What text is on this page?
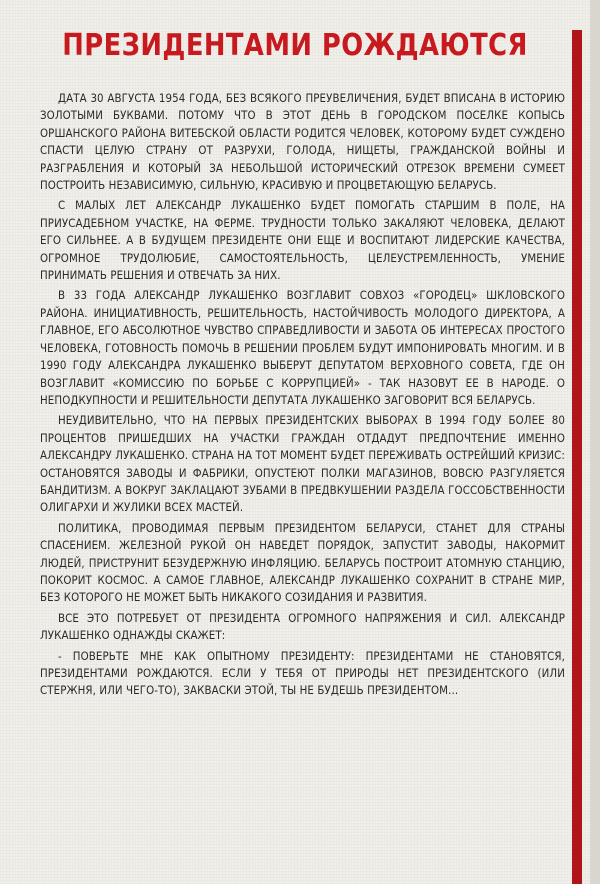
ПРЕЗИДЕНТАМИ РОЖДАЮТСЯ

ДАТА 30 АВГУСТА 1954 ГОДА, БЕЗ ВСЯКОГО ПРЕУВЕЛИЧЕНИЯ, БУДЕТ ВПИСАНА В ИСТОРИЮ ЗОЛОТЫМИ БУКВАМИ. ПОТОМУ ЧТО В ЭТОТ ДЕНЬ В ГОРОДСКОМ ПОСЕЛКЕ КОПЫСЬ ОРШАНСКОГО РАЙОНА ВИТЕБСКОЙ ОБЛАСТИ РОДИТСЯ ЧЕЛОВЕК, КОТОРОМУ БУДЕТ СУЖДЕНО СПАСТИ ЦЕЛУЮ СТРАНУ ОТ РАЗРУХИ, ГОЛОДА, НИЩЕТЫ, ГРАЖДАНСКОЙ ВОЙНЫ И РАЗГРАБЛЕНИЯ И КОТОРЫЙ ЗА НЕБОЛЬШОЙ ИСТОРИЧЕСКИЙ ОТРЕЗОК ВРЕМЕНИ СУМЕЕТ ПОСТРОИТЬ НЕЗАВИСИМУЮ, СИЛЬНУЮ, КРАСИВУЮ И ПРОЦВЕТАЮЩУЮ БЕЛАРУСЬ.

С МАЛЫХ ЛЕТ АЛЕКСАНДР ЛУКАШЕНКО БУДЕТ ПОМОГАТЬ СТАРШИМ В ПОЛЕ, НА ПРИУСАДЕБНОМ УЧАСТКЕ, НА ФЕРМЕ. ТРУДНОСТИ ТОЛЬКО ЗАКАЛЯЮТ ЧЕЛОВЕКА, ДЕЛАЮТ ЕГО СИЛЬНЕЕ. А В БУДУЩЕМ ПРЕЗИДЕНТЕ ОНИ ЕЩЕ И ВОСПИТАЮТ ЛИДЕРСКИЕ КАЧЕСТВА, ОГРОМНОЕ ТРУДОЛЮБИЕ, САМОСТОЯТЕЛЬНОСТЬ, ЦЕЛЕУСТРЕМЛЕННОСТЬ, УМЕНИЕ ПРИНИМАТЬ РЕШЕНИЯ И ОТВЕЧАТЬ ЗА НИХ.

В 33 ГОДА АЛЕКСАНДР ЛУКАШЕНКО ВОЗГЛАВИТ СОВХОЗ «ГОРОДЕЦ» ШКЛОВСКОГО РАЙОНА. ИНИЦИАТИВНОСТЬ, РЕШИТЕЛЬНОСТЬ, НАСТОЙЧИВОСТЬ МОЛОДОГО ДИРЕКТОРА, А ГЛАВНОЕ, ЕГО АБСОЛЮТНОЕ ЧУВСТВО СПРАВЕДЛИВОСТИ И ЗАБОТА ОБ ИНТЕРЕСАХ ПРОСТОГО ЧЕЛОВЕКА, ГОТОВНОСТЬ ПОМОЧЬ В РЕШЕНИИ ПРОБЛЕМ БУДУТ ИМПОНИРОВАТЬ МНОГИМ. И В 1990 ГОДУ АЛЕКСАНДРА ЛУКАШЕНКО ВЫБЕРУТ ДЕПУТАТОМ ВЕРХОВНОГО СОВЕТА, ГДЕ ОН ВОЗГЛАВИТ «КОМИССИЮ ПО БОРЬБЕ С КОРРУПЦИЕЙ» - ТАК НАЗОВУТ ЕЕ В НАРОДЕ. О НЕПОДКУПНОСТИ И РЕШИТЕЛЬНОСТИ ДЕПУТАТА ЛУКАШЕНКО ЗАГОВОРИТ ВСЯ БЕЛАРУСЬ.

НЕУДИВИТЕЛЬНО, ЧТО НА ПЕРВЫХ ПРЕЗИДЕНТСКИХ ВЫБОРАХ В 1994 ГОДУ БОЛЕЕ 80 ПРОЦЕНТОВ ПРИШЕДШИХ НА УЧАСТКИ ГРАЖДАН ОТДАДУТ ПРЕДПОЧТЕНИЕ ИМЕННО АЛЕКСАНДРУ ЛУКАШЕНКО. СТРАНА НА ТОТ МОМЕНТ БУДЕТ ПЕРЕЖИВАТЬ ОСТРЕЙШИЙ КРИЗИС: ОСТАНОВЯТСЯ ЗАВОДЫ И ФАБРИКИ, ОПУСТЕЮТ ПОЛКИ МАГАЗИНОВ, ВОВСЮ РАЗГУЛЯЕТСЯ БАНДИТИЗМ. А ВОКРУГ ЗАКЛАЦАЮТ ЗУБАМИ В ПРЕДВКУШЕНИИ РАЗДЕЛА ГОССОБСТВЕННОСТИ ОЛИГАРХИ И ЖУЛИКИ ВСЕХ МАСТЕЙ.

ПОЛИТИКА, ПРОВОДИМАЯ ПЕРВЫМ ПРЕЗИДЕНТОМ БЕЛАРУСИ, СТАНЕТ ДЛЯ СТРАНЫ СПАСЕНИЕМ. ЖЕЛЕЗНОЙ РУКОЙ ОН НАВЕДЕТ ПОРЯДОК, ЗАПУСТИТ ЗАВОДЫ, НАКОРМИТ ЛЮДЕЙ, ПРИСТРУНИТ БЕЗУДЕРЖНУЮ ИНФЛЯЦИЮ. БЕЛАРУСЬ ПОСТРОИТ АТОМНУЮ СТАНЦИЮ, ПОКОРИТ КОСМОС. А САМОЕ ГЛАВНОЕ, АЛЕКСАНДР ЛУКАШЕНКО СОХРАНИТ В СТРАНЕ МИР, БЕЗ КОТОРОГО НЕ МОЖЕТ БЫТЬ НИКАКОГО СОЗИДАНИЯ И РАЗВИТИЯ.

ВСЕ ЭТО ПОТРЕБУЕТ ОТ ПРЕЗИДЕНТА ОГРОМНОГО НАПРЯЖЕНИЯ И СИЛ. АЛЕКСАНДР ЛУКАШЕНКО ОДНАЖДЫ СКАЖЕТ:

- ПОВЕРЬТЕ МНЕ КАК ОПЫТНОМУ ПРЕЗИДЕНТУ: ПРЕЗИДЕНТАМИ НЕ СТАНОВЯТСЯ, ПРЕЗИДЕНТАМИ РОЖДАЮТСЯ. ЕСЛИ У ТЕБЯ ОТ ПРИРОДЫ НЕТ ПРЕЗИДЕНТСКОГО (ИЛИ СТЕРЖНЯ, ИЛИ ЧЕГО-ТО), ЗАКВАСКИ ЭТОЙ, ТЫ НЕ БУДЕШЬ ПРЕЗИДЕНТОМ...
